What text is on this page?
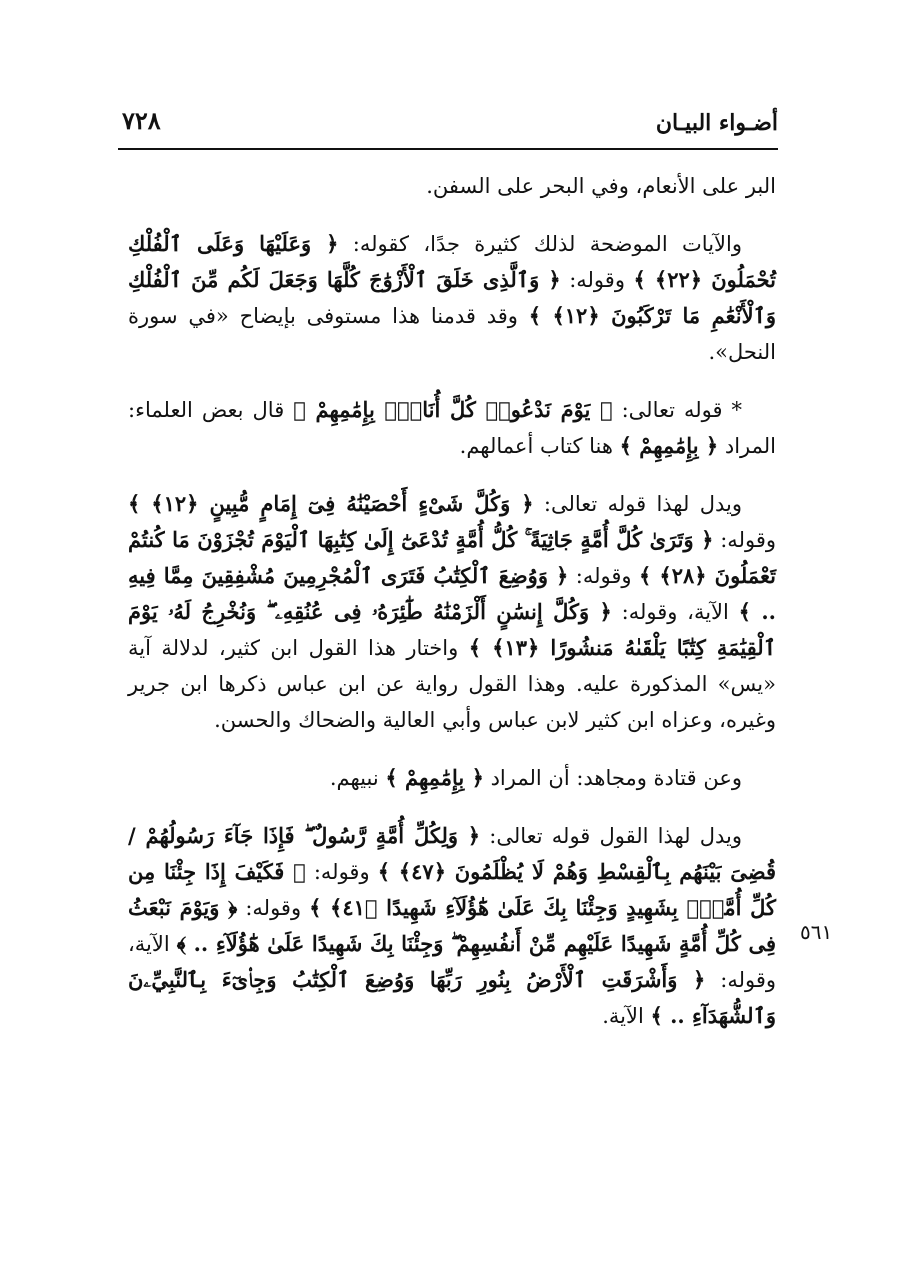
أضـواء البيـان
٧٢٨
٥٦١

البر على الأنعام، وفي البحر على السفن.

والآيات الموضحة لذلك كثيرة جدًا، كقوله: ﴿ وَعَلَيْهَا وَعَلَى ٱلْفُلْكِ تُحْمَلُونَ ﴿٢٢﴾ ﴾ وقوله: ﴿ وَٱلَّذِى خَلَقَ ٱلْأَزْوَٰجَ كُلَّهَا وَجَعَلَ لَكُم مِّنَ ٱلْفُلْكِ وَٱلْأَنْعَٰمِ مَا تَرْكَبُونَ ﴿١٢﴾ ﴾ وقد قدمنا هذا مستوفى بإيضاح «في سورة النحل».

* قوله تعالى: ﴿ يَوْمَ نَدْعُوا۟ كُلَّ أُنَاسٍۭ بِإِمَٰمِهِمْ ﴾ قال بعض العلماء: المراد ﴿ بِإِمَٰمِهِمْ ﴾ هنا كتاب أعمالهم.

ويدل لهذا قوله تعالى: ﴿ وَكُلَّ شَىْءٍ أَحْصَيْنَٰهُ فِىٓ إِمَامٍ مُّبِينٍ ﴿١٢﴾ ﴾ وقوله: ﴿ وَتَرَىٰ كُلَّ أُمَّةٍ جَاثِيَةً ۚ كُلُّ أُمَّةٍ تُدْعَىٰٓ إِلَىٰ كِتَٰبِهَا ٱلْيَوْمَ تُجْزَوْنَ مَا كُنتُمْ تَعْمَلُونَ ﴿٢٨﴾ ﴾ وقوله: ﴿ وَوُضِعَ ٱلْكِتَٰبُ فَتَرَى ٱلْمُجْرِمِينَ مُشْفِقِينَ مِمَّا فِيهِ .. ﴾ الآية، وقوله: ﴿ وَكُلَّ إِنسَٰنٍ أَلْزَمْنَٰهُ طَٰٓئِرَهُۥ فِى عُنُقِهِۦ ۖ وَنُخْرِجُ لَهُۥ يَوْمَ ٱلْقِيَٰمَةِ كِتَٰبًا يَلْقَىٰهُ مَنشُورًا ﴿١٣﴾ ﴾ واختار هذا القول ابن كثير، لدلالة آية «يس» المذكورة عليه. وهذا القول رواية عن ابن عباس ذكرها ابن جرير وغيره، وعزاه ابن كثير لابن عباس وأبي العالية والضحاك والحسن.

وعن قتادة ومجاهد: أن المراد ﴿ بِإِمَٰمِهِمْ ﴾ نبيهم.

ويدل لهذا القول قوله تعالى: ﴿ وَلِكُلِّ أُمَّةٍ رَّسُولٌ ۖ فَإِذَا جَآءَ رَسُولُهُمْ / قُضِىَ بَيْنَهُم بِٱلْقِسْطِ وَهُمْ لَا يُظْلَمُونَ ﴿٤٧﴾ ﴾ وقوله: ﴿ فَكَيْفَ إِذَا جِئْنَا مِن كُلِّ أُمَّةٍۭ بِشَهِيدٍ وَجِئْنَا بِكَ عَلَىٰ هَٰٓؤُلَآءِ شَهِيدًا ﴿٤١﴾ ﴾ وقوله: ﴿ وَيَوْمَ نَبْعَثُ فِى كُلِّ أُمَّةٍ شَهِيدًا عَلَيْهِم مِّنْ أَنفُسِهِمْ ۖ وَجِئْنَا بِكَ شَهِيدًا عَلَىٰ هَٰٓؤُلَآءِ .. ﴾ الآية، وقوله: ﴿ وَأَشْرَقَتِ ٱلْأَرْضُ بِنُورِ رَبِّهَا وَوُضِعَ ٱلْكِتَٰبُ وَجِا۟ىٓءَ بِٱلنَّبِيِّۦنَ وَٱلشُّهَدَآءِ .. ﴾ الآية.
